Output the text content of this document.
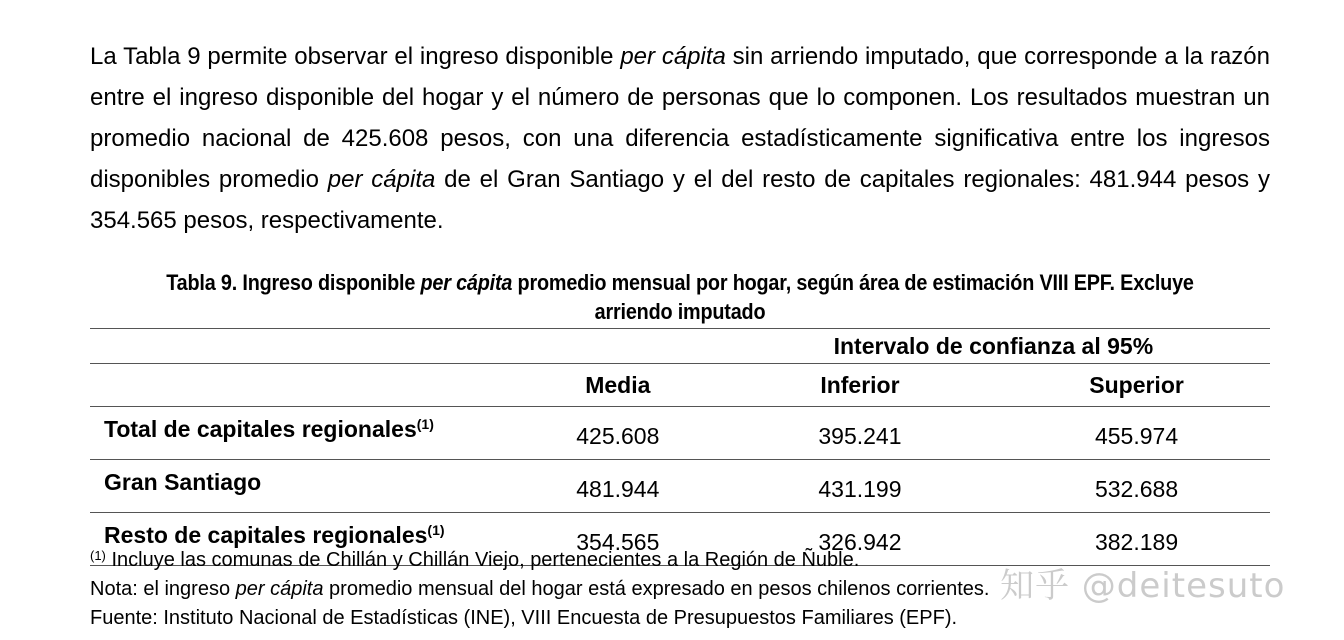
La Tabla 9 permite observar el ingreso disponible per cápita sin arriendo imputado, que corresponde a la razón entre el ingreso disponible del hogar y el número de personas que lo componen. Los resultados muestran un promedio nacional de 425.608 pesos, con una diferencia estadísticamente significativa entre los ingresos disponibles promedio per cápita de el Gran Santiago y el del resto de capitales regionales: 481.944 pesos y 354.565 pesos, respectivamente.

Tabla 9. Ingreso disponible per cápita promedio mensual por hogar, según área de estimación VIII EPF. Excluye arriendo imputado
		Intervalo de confianza al 95%	
	Media	Inferior	Superior
Total de capitales regionales$^{(1)}$	425.608	395.241	455.974
Gran Santiago	481.944	431.199	532.688
Resto de capitales regionales$^{(1)}$	354.565	326.942	382.189
$^{(1)}$ Incluye las comunas de Chillán y Chillán Viejo, pertenecientes a la Región de Ñuble.
Nota: el ingreso per cápita promedio mensual del hogar está expresado en pesos chilenos corrientes.
Fuente: Instituto Nacional de Estadísticas (INE), VIII Encuesta de Presupuestos Familiares (EPF).
知乎 @deitesuto
